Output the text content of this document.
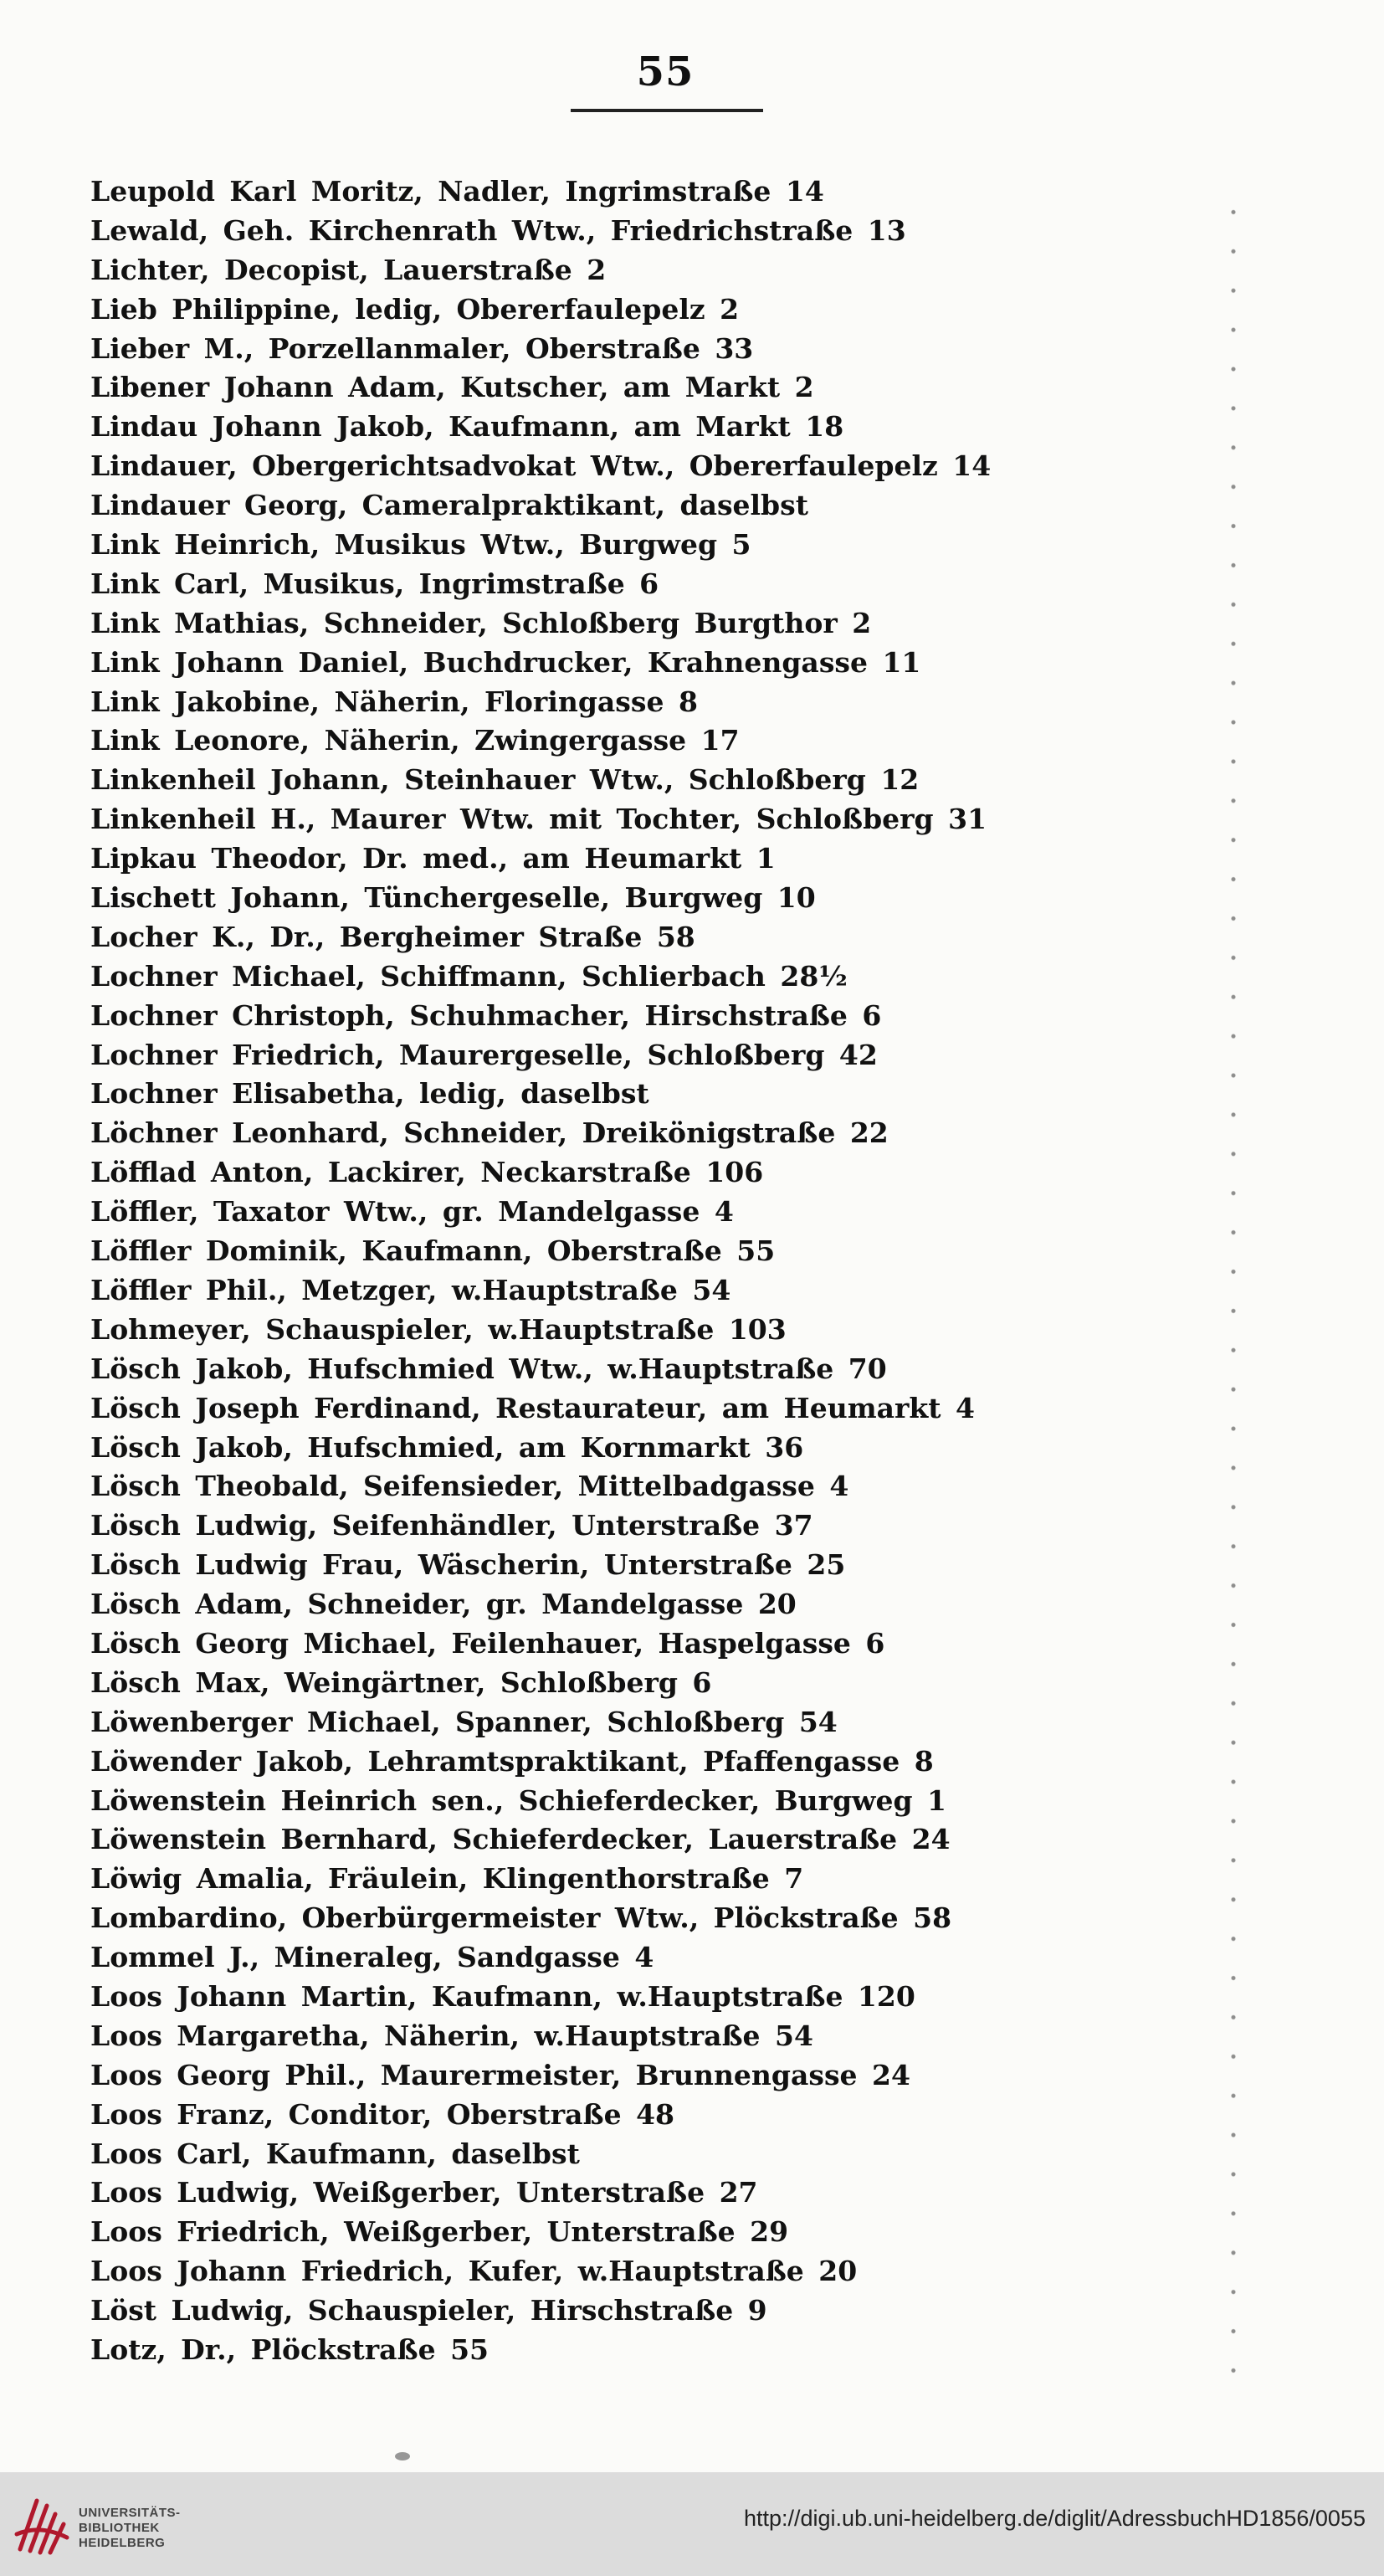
55
Leupold Karl Moritz, Nadler, Ingrimstraße 14
Lewald, Geh. Kirchenrath Wtw., Friedrichstraße 13
Lichter, Decopist, Lauerstraße 2
Lieb Philippine, ledig, Obererfaulepelz 2
Lieber M., Porzellanmaler, Oberstraße 33
Libener Johann Adam, Kutscher, am Markt 2
Lindau Johann Jakob, Kaufmann, am Markt 18
Lindauer, Obergerichtsadvokat Wtw., Obererfaulepelz 14
Lindauer Georg, Cameralpraktikant, daselbst
Link Heinrich, Musikus Wtw., Burgweg 5
Link Carl, Musikus, Ingrimstraße 6
Link Mathias, Schneider, Schloßberg Burgthor 2
Link Johann Daniel, Buchdrucker, Krahnengasse 11
Link Jakobine, Näherin, Floringasse 8
Link Leonore, Näherin, Zwingergasse 17
Linkenheil Johann, Steinhauer Wtw., Schloßberg 12
Linkenheil H., Maurer Wtw. mit Tochter, Schloßberg 31
Lipkau Theodor, Dr. med., am Heumarkt 1
Lischett Johann, Tünchergeselle, Burgweg 10
Locher K., Dr., Bergheimer Straße 58
Lochner Michael, Schiffmann, Schlierbach 28½
Lochner Christoph, Schuhmacher, Hirschstraße 6
Lochner Friedrich, Maurergeselle, Schloßberg 42
Lochner Elisabetha, ledig, daselbst
Löchner Leonhard, Schneider, Dreikönigstraße 22
Löfflad Anton, Lackirer, Neckarstraße 106
Löffler, Taxator Wtw., gr. Mandelgasse 4
Löffler Dominik, Kaufmann, Oberstraße 55
Löffler Phil., Metzger, w.Hauptstraße 54
Lohmeyer, Schauspieler, w.Hauptstraße 103
Lösch Jakob, Hufschmied Wtw., w.Hauptstraße 70
Lösch Joseph Ferdinand, Restaurateur, am Heumarkt 4
Lösch Jakob, Hufschmied, am Kornmarkt 36
Lösch Theobald, Seifensieder, Mittelbadgasse 4
Lösch Ludwig, Seifenhändler, Unterstraße 37
Lösch Ludwig Frau, Wäscherin, Unterstraße 25
Lösch Adam, Schneider, gr. Mandelgasse 20
Lösch Georg Michael, Feilenhauer, Haspelgasse 6
Lösch Max, Weingärtner, Schloßberg 6
Löwenberger Michael, Spanner, Schloßberg 54
Löwender Jakob, Lehramtspraktikant, Pfaffengasse 8
Löwenstein Heinrich sen., Schieferdecker, Burgweg 1
Löwenstein Bernhard, Schieferdecker, Lauerstraße 24
Löwig Amalia, Fräulein, Klingenthorstraße 7
Lombardino, Oberbürgermeister Wtw., Plöckstraße 58
Lommel J., Mineraleg, Sandgasse 4
Loos Johann Martin, Kaufmann, w.Hauptstraße 120
Loos Margaretha, Näherin, w.Hauptstraße 54
Loos Georg Phil., Maurermeister, Brunnengasse 24
Loos Franz, Conditor, Oberstraße 48
Loos Carl, Kaufmann, daselbst
Loos Ludwig, Weißgerber, Unterstraße 27
Loos Friedrich, Weißgerber, Unterstraße 29
Loos Johann Friedrich, Kufer, w.Hauptstraße 20
Löst Ludwig, Schauspieler, Hirschstraße 9
Lotz, Dr., Plöckstraße 55
UNIVERSITÄTS-
BIBLIOTHEK
HEIDELBERG
http://digi.ub.uni-heidelberg.de/diglit/AdressbuchHD1856/0055
